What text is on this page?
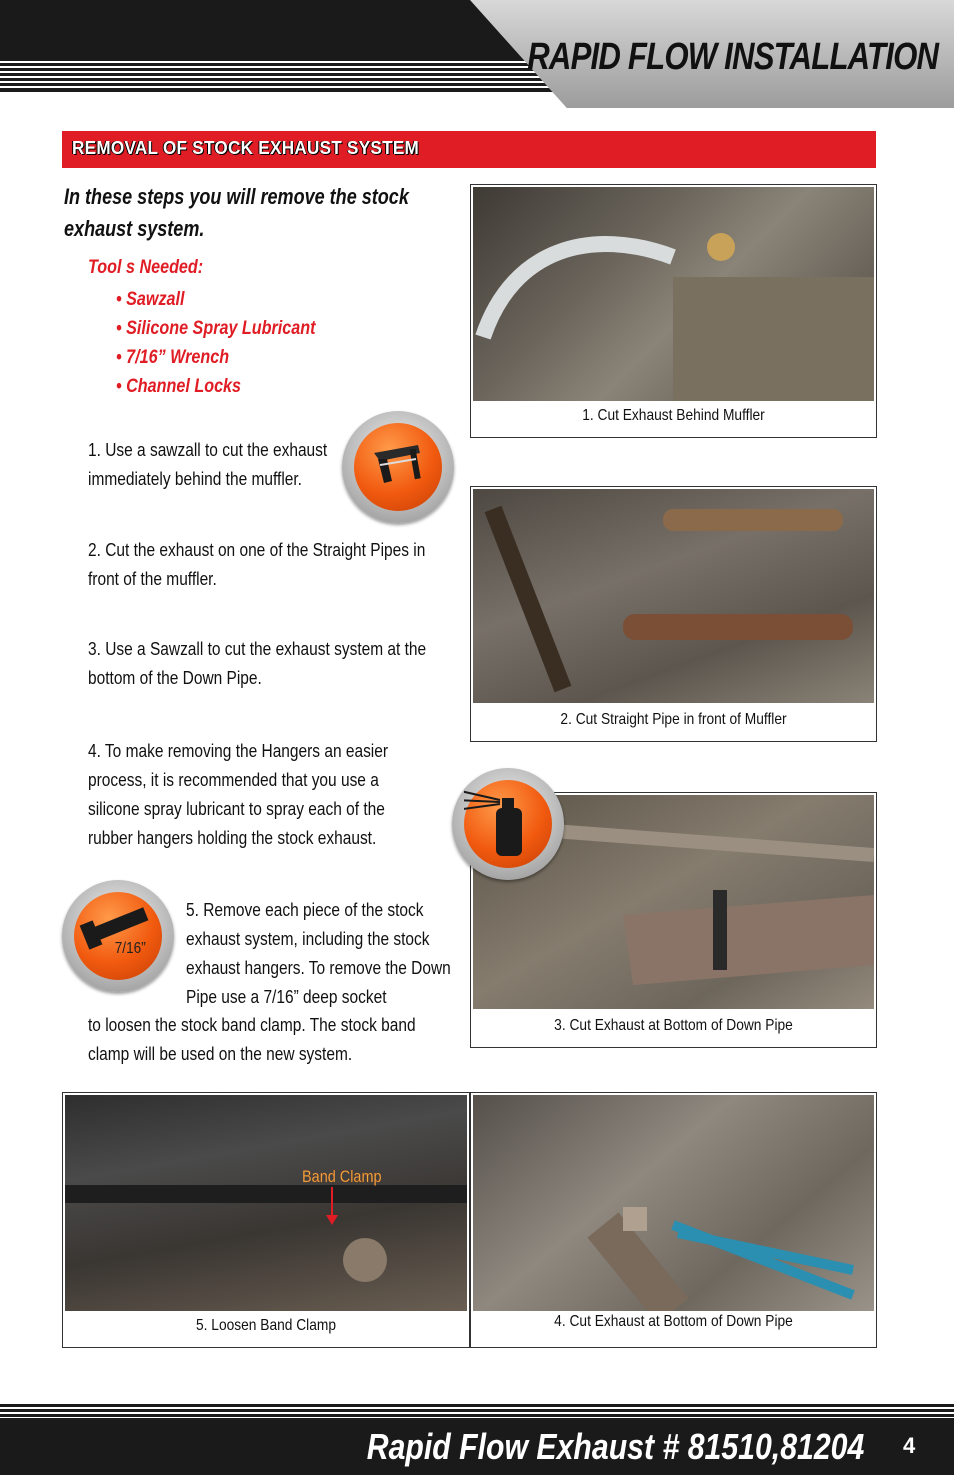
RAPID FLOW INSTALLATION
REMOVAL OF STOCK EXHAUST SYSTEM
In these steps you will remove the stock exhaust system.
Tool s Needed:
• Sawzall
• Silicone Spray Lubricant
• 7/16” Wrench
• Channel Locks
1. Use a sawzall to cut the exhaust immediately behind the muffler.
2. Cut the exhaust on one of the Straight Pipes in front of the muffler.
3. Use a Sawzall to cut the exhaust system at the bottom of the Down Pipe.
4. To make removing the Hangers an easier process, it is recommended that you use a silicone spray lubricant to spray each of the rubber hangers holding the stock exhaust.
5. Remove each piece of the stock exhaust system, including the stock exhaust hangers. To remove the Down Pipe use a 7/16” deep socket
to loosen the stock band clamp. The stock band clamp will be used on the new system.
7/16”
1. Cut Exhaust Behind Muffler
2. Cut Straight Pipe in front of Muffler
3. Cut Exhaust at Bottom of Down Pipe
Band Clamp
5. Loosen Band Clamp	4. Cut Exhaust at Bottom of Down Pipe
Rapid Flow Exhaust # 81510,81204 4
